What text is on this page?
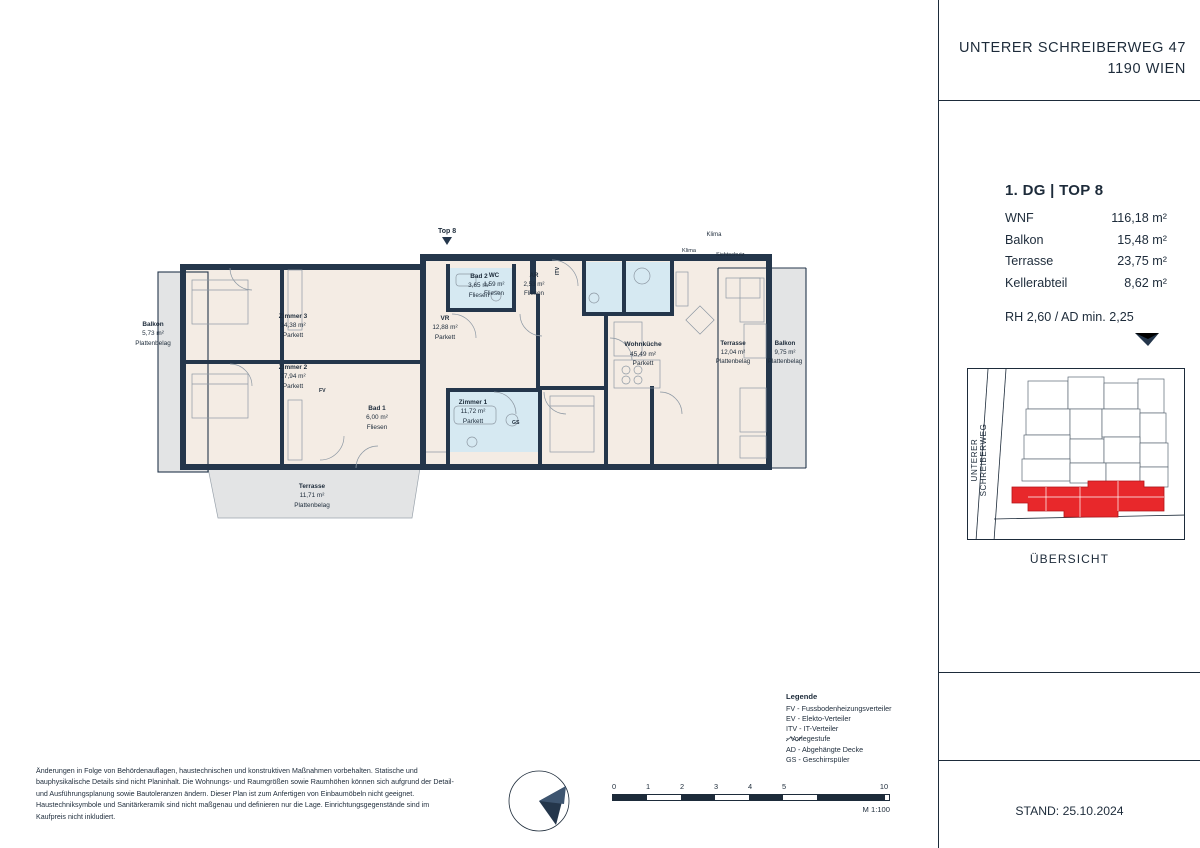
Klima
Balkon
5,73 m²
Plattenbelag
Zimmer 3
14,38 m²
Parkett
Zimmer 2
17,94 m²
Parkett
Bad 2
3,65 m²
Fliesen
Bad 1
6,00 m²
Fliesen
VR
12,88 m²
Parkett
Zimmer 1
11,72 m²
Parkett
WC
1,59 m²
Fliesen
AR
2,53 m²
Fliesen
Wohnküche
45,49 m²
Parkett
Terrasse
12,04 m²
Plattenbelag
Balkon
9,75 m²
Plattenbelag
Terrasse
11,71 m²
Plattenbelag
Klima
Sichtschutz
FV
ITV
GS
Top 8
Änderungen in Folge von Behördenauflagen, haustechnischen und konstruktiven Maßnahmen vorbehalten. Statische und bauphysikalische Details sind nicht Planinhalt. Die Wohnungs- und Raumgrößen sowie Raumhöhen können sich aufgrund der Detail- und Ausführungsplanung sowie Bautoleranzen ändern. Dieser Plan ist zum Anfertigen von Einbaumöbeln nicht geeignet. Haustechniksymbole und Sanitärkeramik sind nicht maßgenau und definieren nur die Lage. Einrichtungsgegenstände sind im Kaufpreis nicht inkludiert.
Legende
FV - Fussbodenheizungsverteiler
EV - Elekto-Verteiler
ITV - IT-Verteiler
- Vorlegestufe
AD - Abgehängte Decke
GS - Geschirrspüler
0	1	2	3	4	5	10
M 1:100
UNTERER SCHREIBERWEG 47
1190 WIEN
1. DG | TOP 8
WNF	116,18 m²
Balkon	15,48 m²
Terrasse	23,75 m²
Kellerabteil	8,62 m²
RH 2,60 / AD min. 2,25
UNTERER SCHREIBERWEG
ÜBERSICHT
STAND: 25.10.2024
